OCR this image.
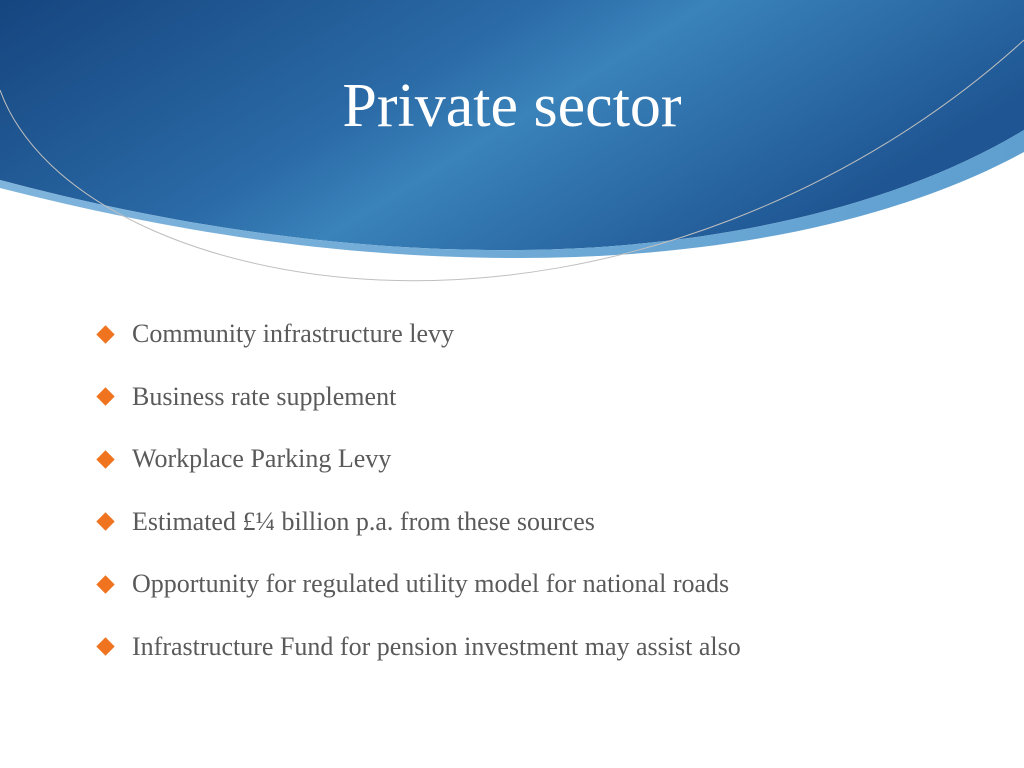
Private sector
Community infrastructure levy
Business rate supplement
Workplace Parking Levy
Estimated £¼ billion p.a. from these sources
Opportunity for regulated utility model for national roads
Infrastructure Fund for pension investment may assist also
